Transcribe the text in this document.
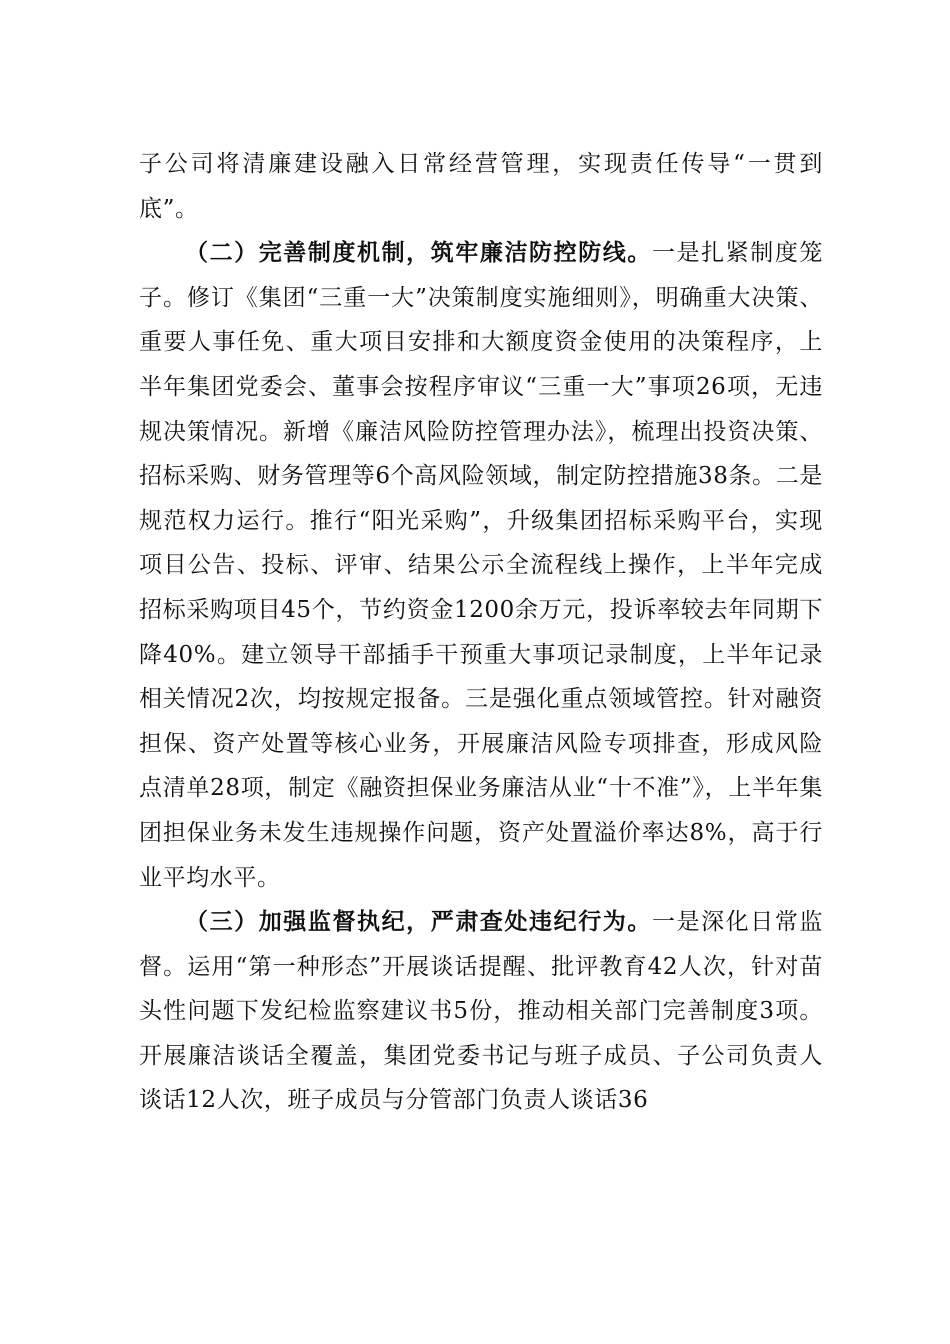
子公司将清廉建设融入日常经营管理，实现责任传导“一贯到底”。

（二）完善制度机制，筑牢廉洁防控防线。一是扎紧制度笼子。修订《集团“三重一大”决策制度实施细则》，明确重大决策、重要人事任免、重大项目安排和大额度资金使用的决策程序，上半年集团党委会、董事会按程序审议“三重一大”事项26项，无违规决策情况。新增《廉洁风险防控管理办法》，梳理出投资决策、招标采购、财务管理等6个高风险领域，制定防控措施38条。二是规范权力运行。推行“阳光采购”，升级集团招标采购平台，实现项目公告、投标、评审、结果公示全流程线上操作，上半年完成招标采购项目45个，节约资金1200余万元，投诉率较去年同期下降40%。建立领导干部插手干预重大事项记录制度，上半年记录相关情况2次，均按规定报备。三是强化重点领域管控。针对融资担保、资产处置等核心业务，开展廉洁风险专项排查，形成风险点清单28项，制定《融资担保业务廉洁从业“十不准”》，上半年集团担保业务未发生违规操作问题，资产处置溢价率达8%，高于行业平均水平。

（三）加强监督执纪，严肃查处违纪行为。一是深化日常监督。运用“第一种形态”开展谈话提醒、批评教育42人次，针对苗头性问题下发纪检监察建议书5份，推动相关部门完善制度3项。开展廉洁谈话全覆盖，集团党委书记与班子成员、子公司负责人谈话12人次，班子成员与分管部门负责人谈话36
